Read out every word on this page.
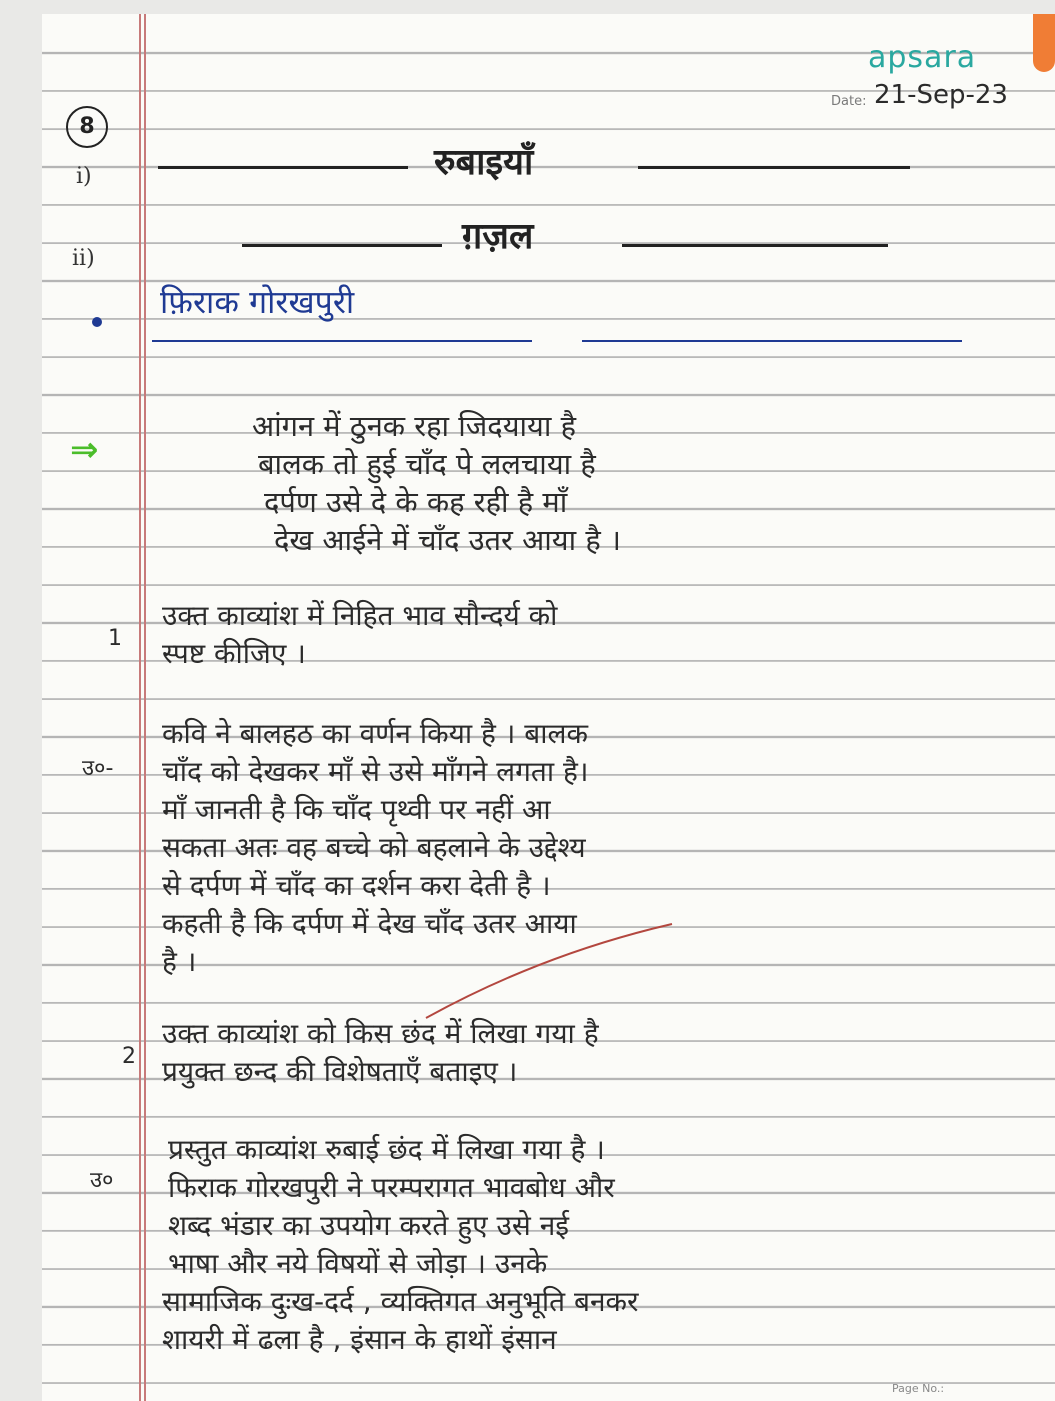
apsara
Date: 21-Sep-23
8
i)
ii)
⇒
रुबाइयाँ
ग़ज़ल
फ़िराक गोरखपुरी
आंगन में ठुनक रहा जिदयाया है
बालक तो हुई चाँद पे ललचाया है
दर्पण उसे दे के कह रही है माँ
देख आईने में चाँद उतर आया है ।
1
उक्त काव्यांश में निहित भाव सौन्दर्य को
स्पष्ट कीजिए ।
उ०-
कवि ने बालहठ का वर्णन किया है । बालक
चाँद को देखकर माँ से उसे माँगने लगता है।
माँ जानती है कि चाँद पृथ्वी पर नहीं आ
सकता अतः वह बच्चे को बहलाने के उद्देश्य
से दर्पण में चाँद का दर्शन करा देती है ।
कहती है कि दर्पण में देख चाँद उतर आया
है ।
2
उक्त काव्यांश को किस छंद में लिखा गया है
प्रयुक्त छन्द की विशेषताएँ बताइए ।
उ०
प्रस्तुत काव्यांश रुबाई छंद में लिखा गया है ।
फिराक गोरखपुरी ने परम्परागत भावबोध और
शब्द भंडार का उपयोग करते हुए उसे नई
भाषा और नये विषयों से जोड़ा । उनके
सामाजिक दुःख-दर्द , व्यक्तिगत अनुभूति बनकर
शायरी में ढला है , इंसान के हाथों इंसान
Page No.:
